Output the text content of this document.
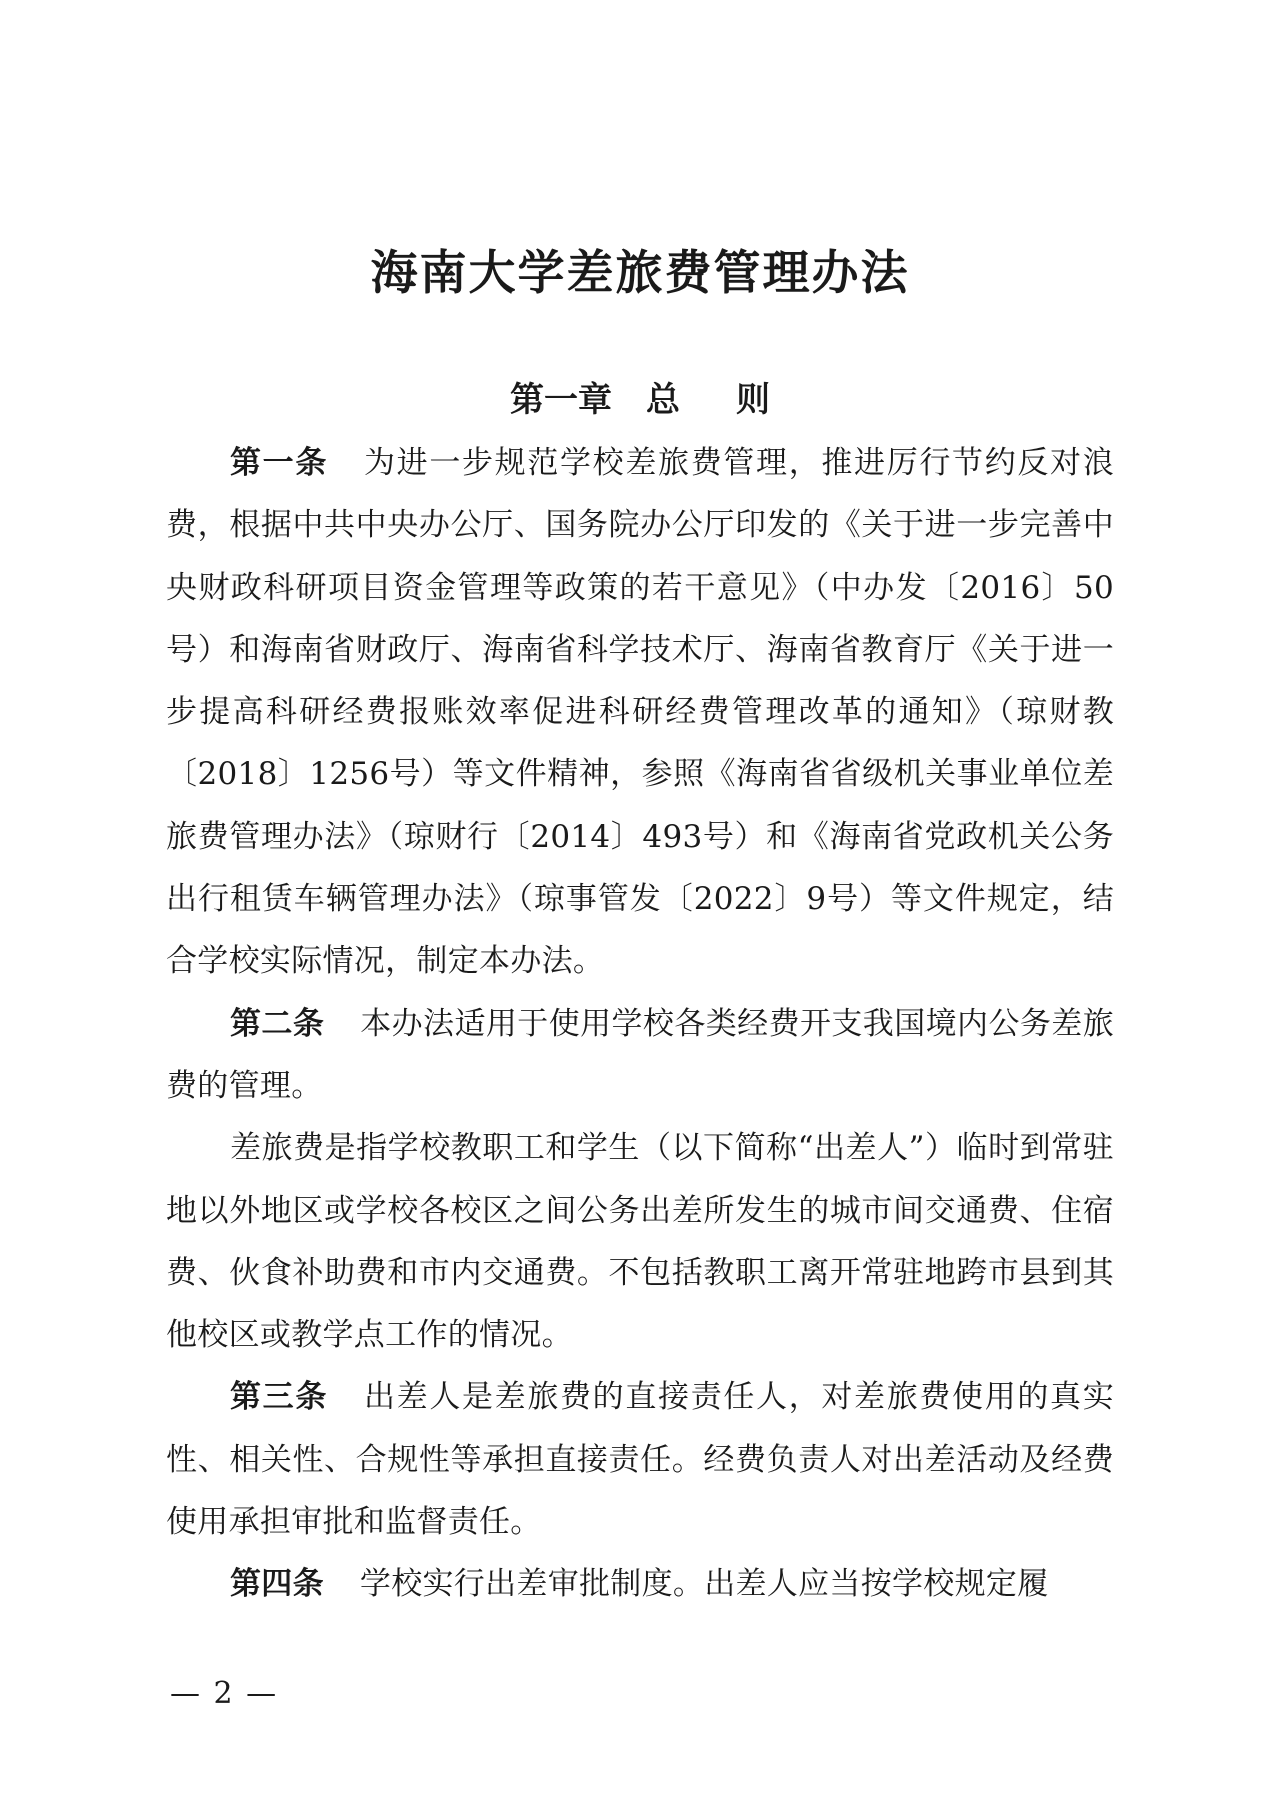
海南大学差旅费管理办法
第一章 总 则

第一条 为进一步规范学校差旅费管理，推进厉行节约反对浪费，根据中共中央办公厅、国务院办公厅印发的《关于进一步完善中央财政科研项目资金管理等政策的若干意见》（中办发〔2016〕50号）和海南省财政厅、海南省科学技术厅、海南省教育厅《关于进一步提高科研经费报账效率促进科研经费管理改革的通知》（琼财教〔2018〕1256号）等文件精神，参照《海南省省级机关事业单位差旅费管理办法》（琼财行〔2014〕493号）和《海南省党政机关公务出行租赁车辆管理办法》（琼事管发〔2022〕9号）等文件规定，结合学校实际情况，制定本办法。

第二条 本办法适用于使用学校各类经费开支我国境内公务差旅费的管理。

差旅费是指学校教职工和学生（以下简称“出差人”）临时到常驻地以外地区或学校各校区之间公务出差所发生的城市间交通费、住宿费、伙食补助费和市内交通费。不包括教职工离开常驻地跨市县到其他校区或教学点工作的情况。

第三条 出差人是差旅费的直接责任人，对差旅费使用的真实性、相关性、合规性等承担直接责任。经费负责人对出差活动及经费使用承担审批和监督责任。

第四条 学校实行出差审批制度。出差人应当按学校规定履

— 2 —
